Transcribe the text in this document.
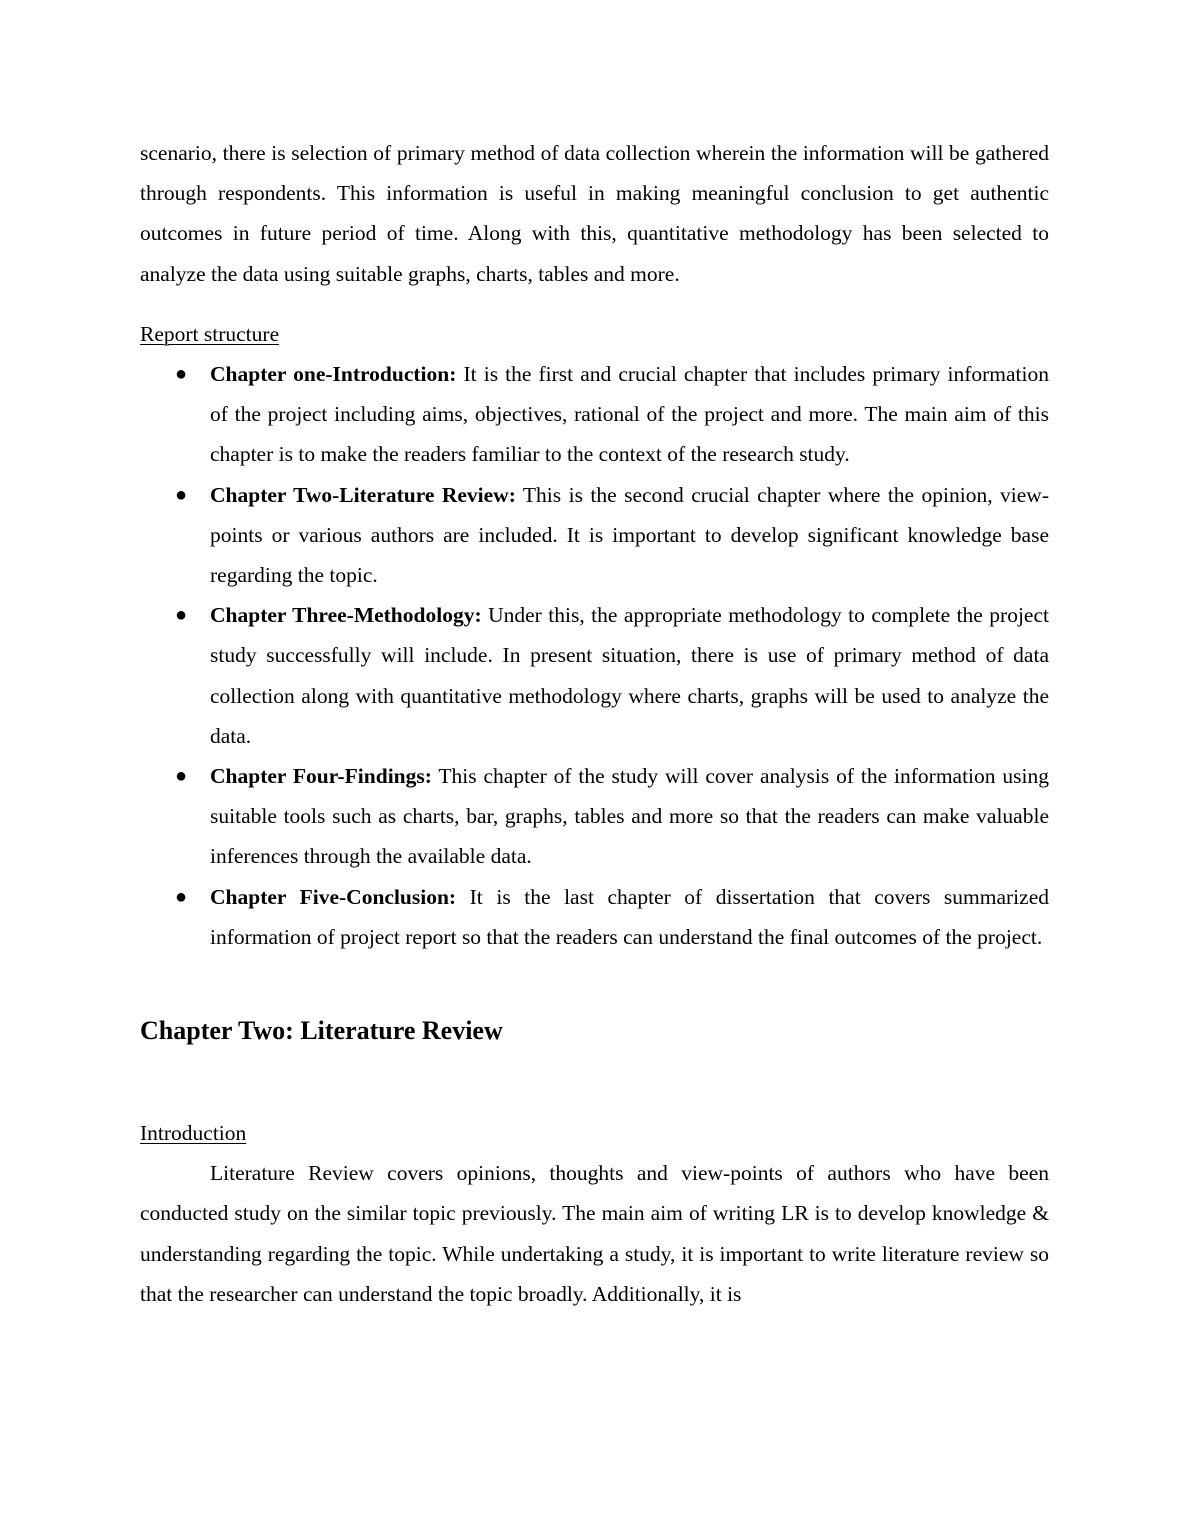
scenario, there is selection of primary method of data collection wherein the information will be gathered through respondents. This information is useful in making meaningful conclusion to get authentic outcomes in future period of time. Along with this, quantitative methodology has been selected to analyze the data using suitable graphs, charts, tables and more.

Report structure
● Chapter one-Introduction: It is the first and crucial chapter that includes primary information of the project including aims, objectives, rational of the project and more. The main aim of this chapter is to make the readers familiar to the context of the research study.
● Chapter Two-Literature Review: This is the second crucial chapter where the opinion, view-points or various authors are included. It is important to develop significant knowledge base regarding the topic.
● Chapter Three-Methodology: Under this, the appropriate methodology to complete the project study successfully will include. In present situation, there is use of primary method of data collection along with quantitative methodology where charts, graphs will be used to analyze the data.
● Chapter Four-Findings: This chapter of the study will cover analysis of the information using suitable tools such as charts, bar, graphs, tables and more so that the readers can make valuable inferences through the available data.
● Chapter Five-Conclusion: It is the last chapter of dissertation that covers summarized information of project report so that the readers can understand the final outcomes of the project.
Chapter Two: Literature Review
Introduction

Literature Review covers opinions, thoughts and view-points of authors who have been conducted study on the similar topic previously. The main aim of writing LR is to develop knowledge & understanding regarding the topic. While undertaking a study, it is important to write literature review so that the researcher can understand the topic broadly. Additionally, it is
